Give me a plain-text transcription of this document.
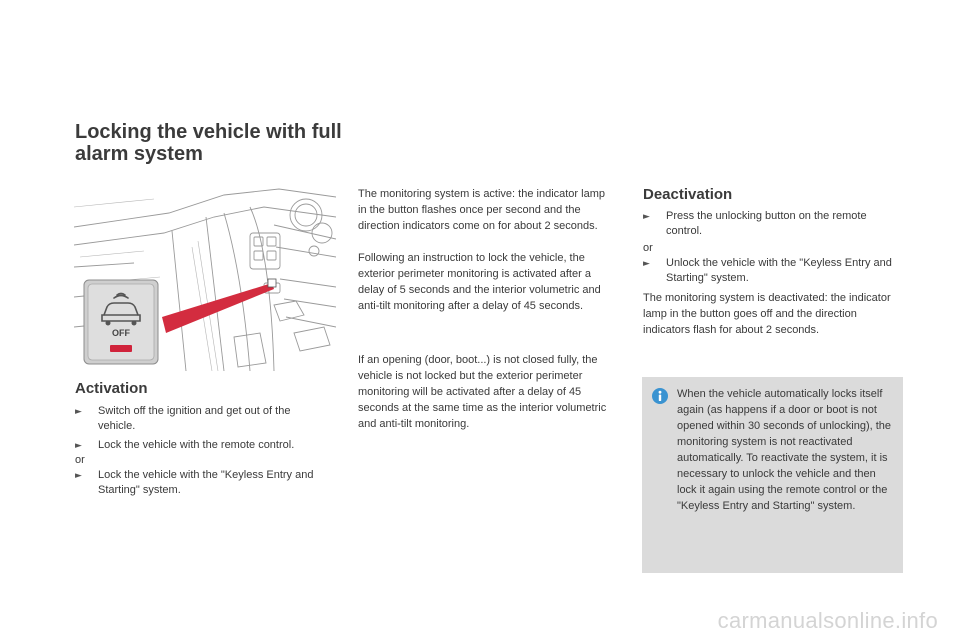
Locking the vehicle with full alarm system
OFF
Activation
► Switch off the ignition and get out of the vehicle.
► Lock the vehicle with the remote control.
or
► Lock the vehicle with the "Keyless Entry and Starting" system.

The monitoring system is active: the indicator lamp in the button flashes once per second and the direction indicators come on for about 2 seconds.

Following an instruction to lock the vehicle, the exterior perimeter monitoring is activated after a delay of 5 seconds and the interior volumetric and anti-tilt monitoring after a delay of 45 seconds.

If an opening (door, boot...) is not closed fully, the vehicle is not locked but the exterior perimeter monitoring will be activated after a delay of 45 seconds at the same time as the interior volumetric and anti-tilt monitoring.

Deactivation
► Press the unlocking button on the remote control.
or
► Unlock the vehicle with the "Keyless Entry and Starting" system.

The monitoring system is deactivated: the indicator lamp in the button goes off and the direction indicators flash for about 2 seconds.

When the vehicle automatically locks itself again (as happens if a door or boot is not opened within 30 seconds of unlocking), the monitoring system is not reactivated automatically. To reactivate the system, it is necessary to unlock the vehicle and then lock it again using the remote control or the "Keyless Entry and Starting" system.

carmanualsonline.info
